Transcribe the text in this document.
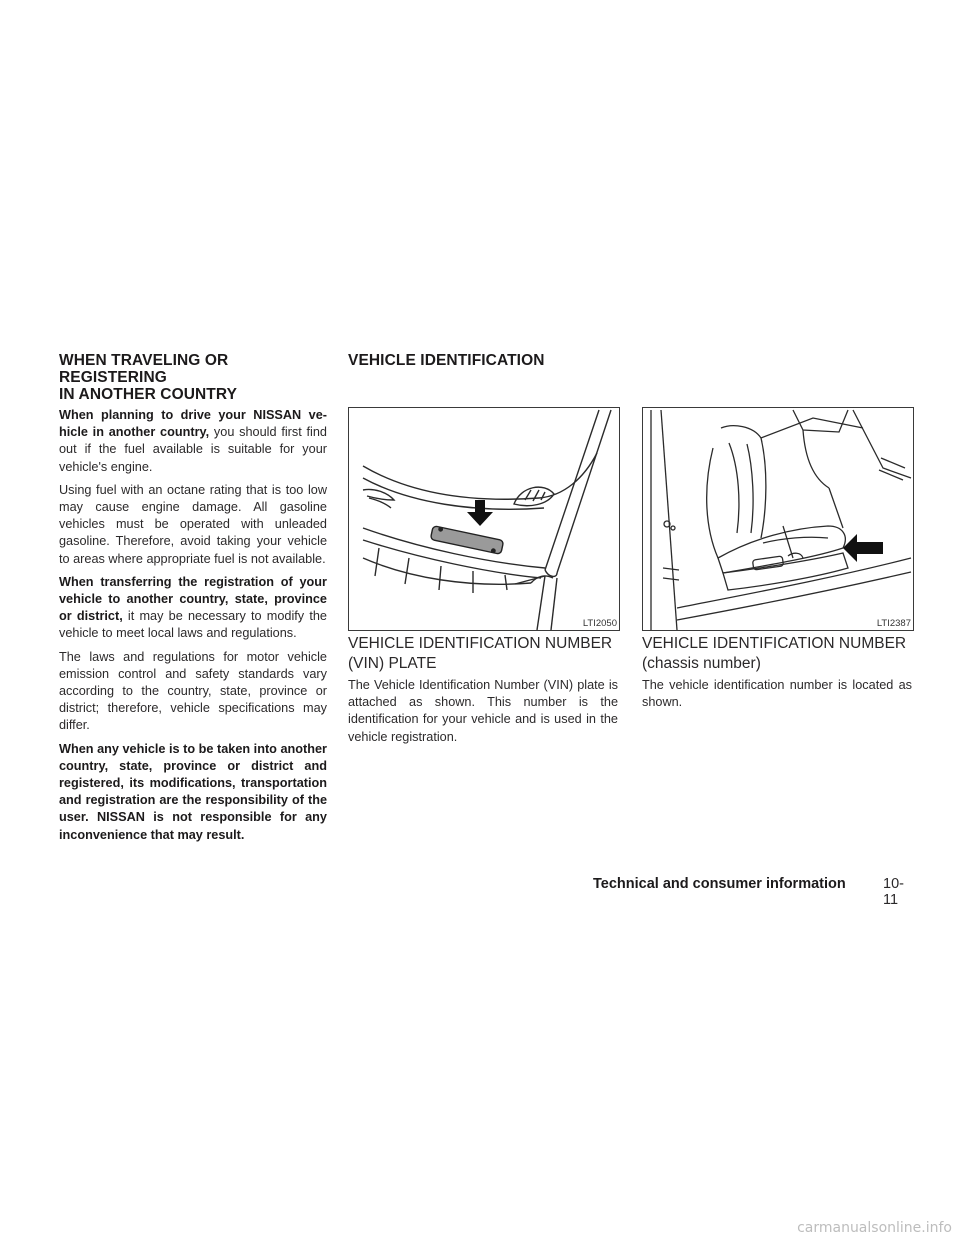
WHEN TRAVELING OR REGISTERING
IN ANOTHER COUNTRY

When planning to drive your NISSAN vehicle in another country, you should first find out if the fuel available is suitable for your vehicle's engine.

Using fuel with an octane rating that is too low may cause engine damage. All gasoline vehicles must be operated with unleaded gasoline. Therefore, avoid taking your vehicle to areas where appropriate fuel is not available.

When transferring the registration of your vehicle to another country, state, province or district, it may be necessary to modify the vehicle to meet local laws and regulations.

The laws and regulations for motor vehicle emission control and safety standards vary according to the country, state, province or district; therefore, vehicle specifications may differ.

When any vehicle is to be taken into another country, state, province or district and registered, its modifications, transportation and registration are the responsibility of the user. NISSAN is not responsible for any inconvenience that may result.

VEHICLE IDENTIFICATION
LTI2050
VEHICLE IDENTIFICATION NUMBER
(VIN) PLATE
The Vehicle Identification Number (VIN) plate is attached as shown. This number is the identification for your vehicle and is used in the vehicle registration.
LTI2387
VEHICLE IDENTIFICATION NUMBER
(chassis number)
The vehicle identification number is located as shown.
Technical and consumer information	10-11
carmanualsonline.info
